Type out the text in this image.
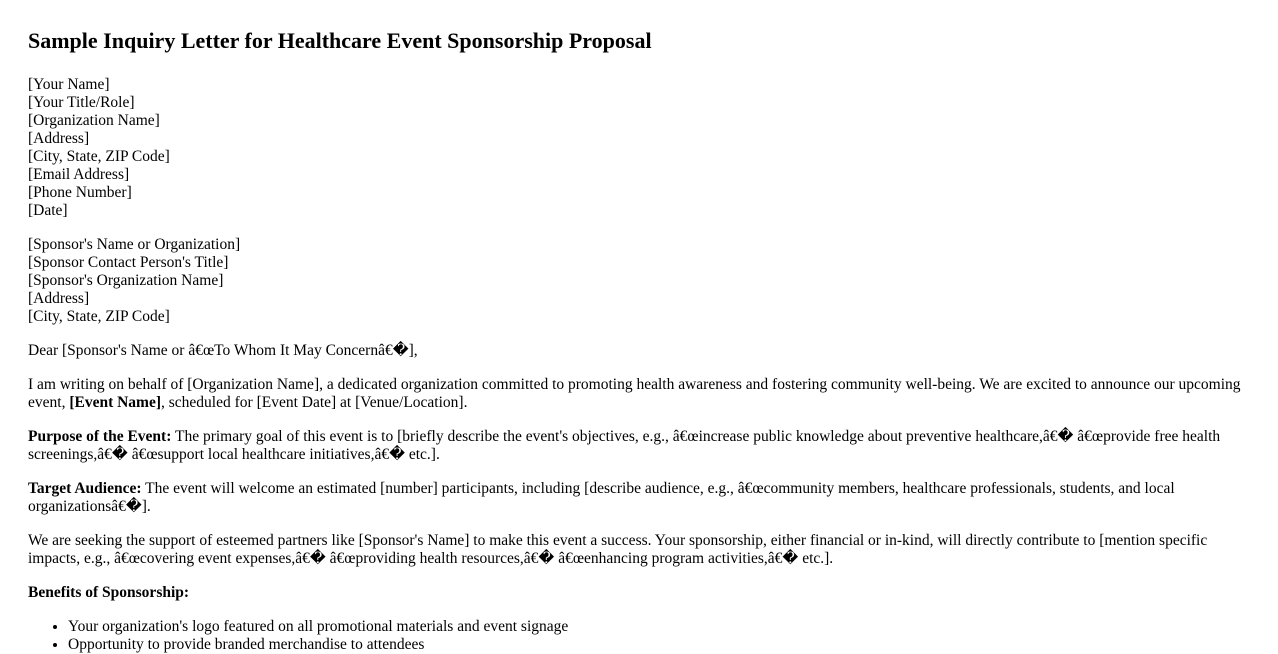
Sample Inquiry Letter for Healthcare Event Sponsorship Proposal
[Your Name]
[Your Title/Role]
[Organization Name]
[Address]
[City, State, ZIP Code]
[Email Address]
[Phone Number]
[Date]
[Sponsor's Name or Organization]
[Sponsor Contact Person's Title]
[Sponsor's Organization Name]
[Address]
[City, State, ZIP Code]

Dear [Sponsor's Name or â€œTo Whom It May Concernâ€�],

I am writing on behalf of [Organization Name], a dedicated organization committed to promoting health awareness and fostering community well-being. We are excited to announce our upcoming event, [Event Name], scheduled for [Event Date] at [Venue/Location].

Purpose of the Event: The primary goal of this event is to [briefly describe the event's objectives, e.g., â€œincrease public knowledge about preventive healthcare,â€� â€œprovide free health screenings,â€� â€œsupport local healthcare initiatives,â€� etc.].

Target Audience: The event will welcome an estimated [number] participants, including [describe audience, e.g., â€œcommunity members, healthcare professionals, students, and local organizationsâ€�].

We are seeking the support of esteemed partners like [Sponsor's Name] to make this event a success. Your sponsorship, either financial or in-kind, will directly contribute to [mention specific impacts, e.g., â€œcovering event expenses,â€� â€œproviding health resources,â€� â€œenhancing program activities,â€� etc.].

Benefits of Sponsorship:

• Your organization's logo featured on all promotional materials and event signage
• Opportunity to provide branded merchandise to attendees
